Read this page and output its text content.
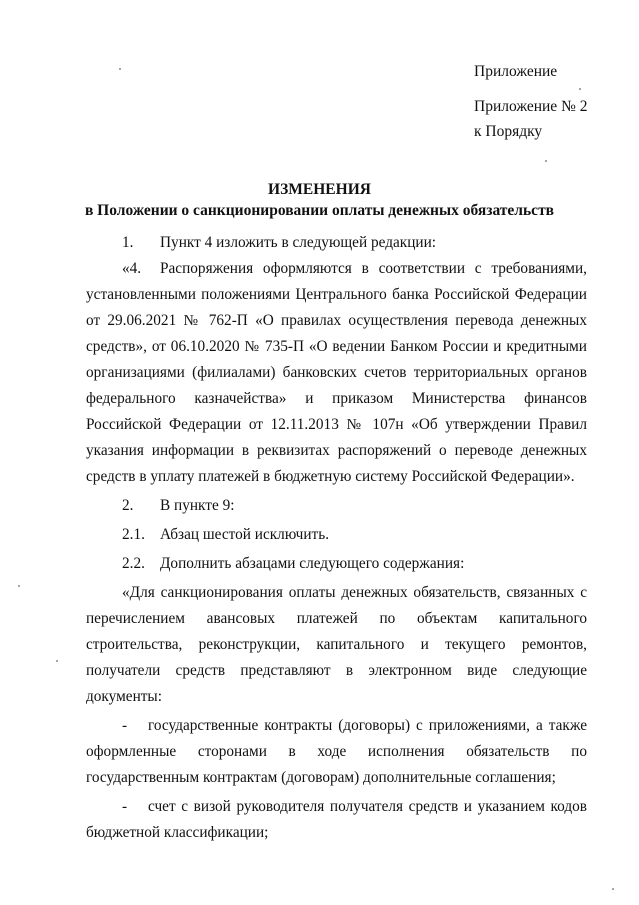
Приложение
Приложение № 2
к Порядку
ИЗМЕНЕНИЯ
в Положении о санкционировании оплаты денежных обязательств

1. Пункт 4 изложить в следующей редакции:

«4. Распоряжения оформляются в соответствии с требованиями, установленными положениями Центрального банка Российской Федерации от 29.06.2021 № 762-П «О правилах осуществления перевода денежных средств», от 06.10.2020 № 735-П «О ведении Банком России и кредитными организациями (филиалами) банковских счетов территориальных органов федерального казначейства» и приказом Министерства финансов Российской Федерации от 12.11.2013 № 107н «Об утверждении Правил указания информации в реквизитах распоряжений о переводе денежных средств в уплату платежей в бюджетную систему Российской Федерации».

2. В пункте 9:

2.1. Абзац шестой исключить.

2.2. Дополнить абзацами следующего содержания:

«Для санкционирования оплаты денежных обязательств, связанных с перечислением авансовых платежей по объектам капитального строительства, реконструкции, капитального и текущего ремонтов, получатели средств представляют в электронном виде следующие документы:

- государственные контракты (договоры) с приложениями, а также оформленные сторонами в ходе исполнения обязательств по государственным контрактам (договорам) дополнительные соглашения;

- счет с визой руководителя получателя средств и указанием кодов бюджетной классификации;
